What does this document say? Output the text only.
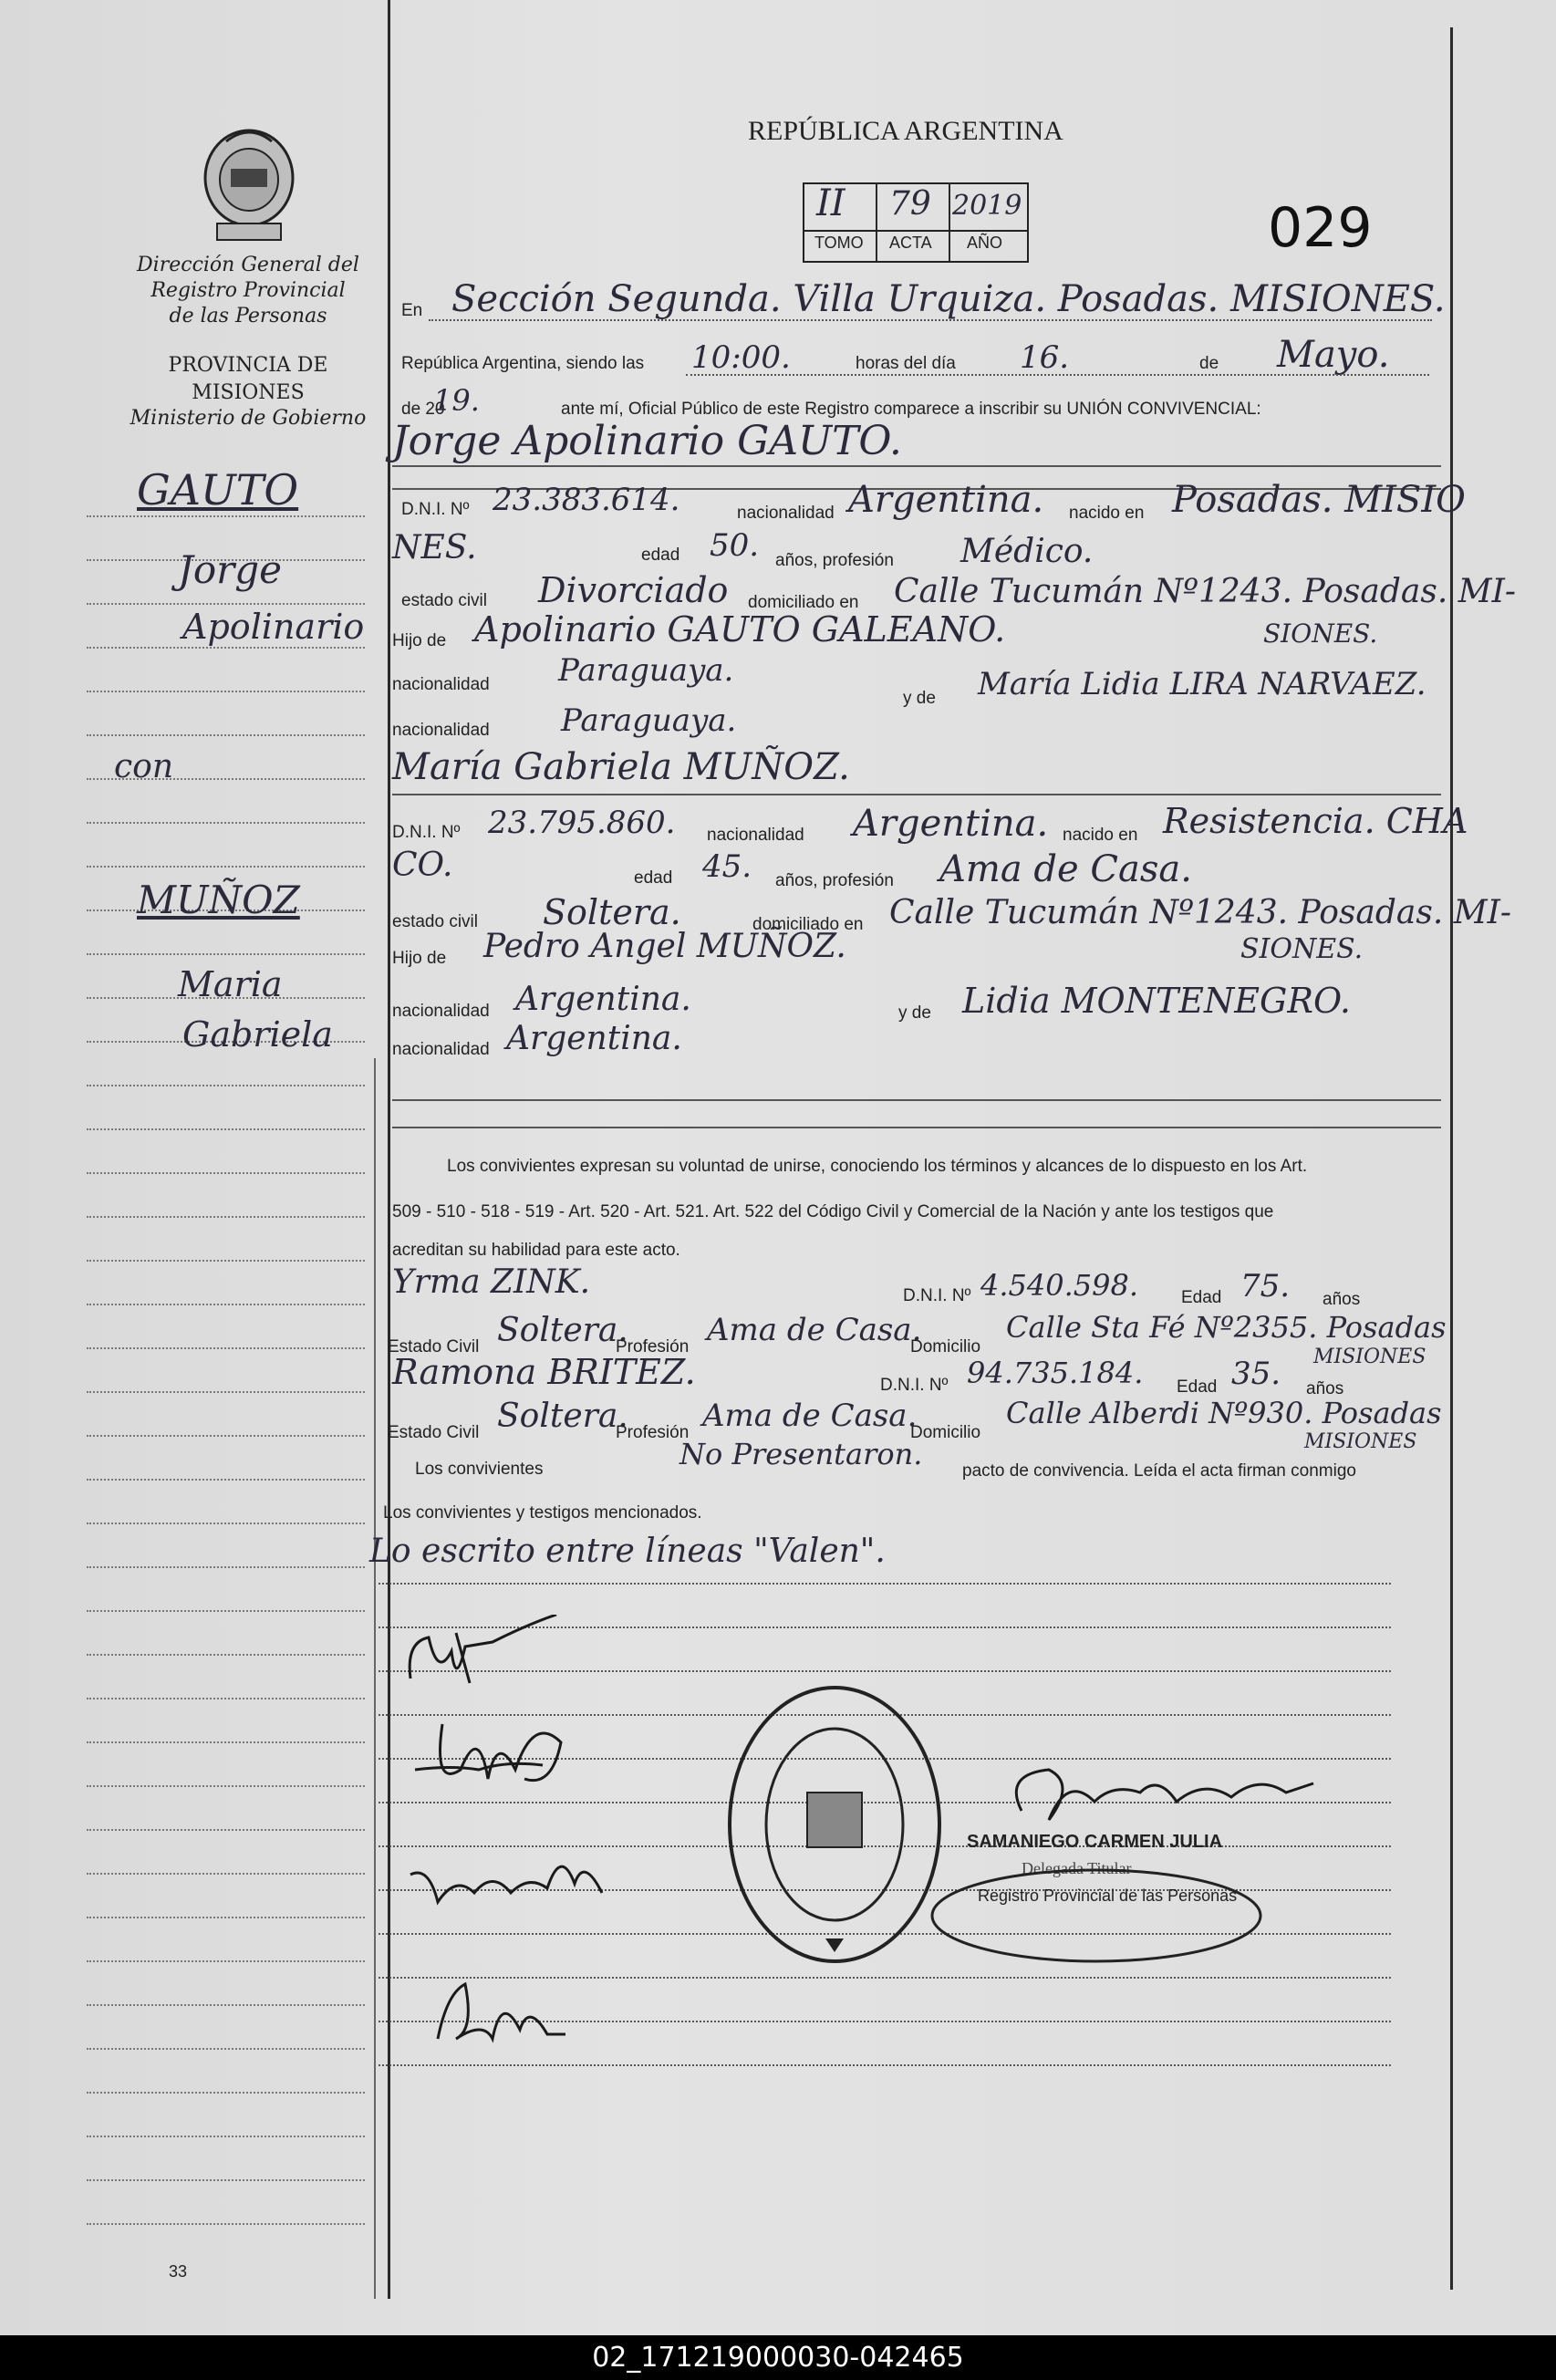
Dirección General del
Registro Provincial
de las Personas
PROVINCIA DE
MISIONES
Ministerio de Gobierno
GAUTO
Jorge
Apolinario
con
MUÑOZ
Maria
Gabriela
REPÚBLICA ARGENTINA
II 79 2019
TOMO ACTA AÑO	029
En Sección Segunda. Villa Urquiza. Posadas. MISIONES.
República Argentina, siendo las 10:00.	horas del día 16.	de Mayo.
de 20
19.	ante mí, Oficial Público de este Registro comparece a inscribir su UNIÓN CONVIVENCIAL:
Jorge Apolinario GAUTO.
D.N.I. Nº 23.383.614.	nacionalidad Argentina. nacido en Posadas. MISIO
NES.	edad 50. años, profesión Médico.
estado civil Divorciado domiciliado en Calle Tucumán Nº1243. Posadas. MI-
Hijo de Apolinario GAUTO GALEANO.	SIONES.
nacionalidad Paraguaya.
y de María Lidia LIRA NARVAEZ.
nacionalidad Paraguaya.
María Gabriela MUÑOZ.
D.N.I. Nº 23.795.860. nacionalidad Argentina. nacido en Resistencia. CHA
CO.	edad 45. años, profesión Ama de Casa.
estado civil Soltera.	domiciliado en Calle Tucumán Nº1243. Posadas. MI-
Hijo de Pedro Angel MUÑOZ.	SIONES.
nacionalidad Argentina.	y de Lidia MONTENEGRO.
nacionalidad Argentina.
Los convivientes expresan su voluntad de unirse, conociendo los términos y alcances de lo dispuesto en los Art.
509 - 510 - 518 - 519 - Art. 520 - Art. 521. Art. 522 del Código Civil y Comercial de la Nación y ante los testigos que
acreditan su habilidad para este acto.
Yrma ZINK.	D.N.I. Nº 4.540.598. Edad 75. años
Estado Civil Soltera.
Profesión Ama de Casa.
Domicilio
Calle Sta Fé Nº2355. Posadas
MISIONES
Ramona BRITEZ.	D.N.I. Nº 94.735.184. Edad 35. años
Estado Civil Soltera.
Profesión Ama de Casa.
Domicilio
Calle Alberdi Nº930. Posadas
MISIONES
Los convivientes	No Presentaron. pacto de convivencia. Leída el acta firman conmigo
Los convivientes y testigos mencionados.
Lo escrito entre líneas "Valen".
SAMANIEGO CARMEN JULIA
Delegada Titular
Registro Provincial de las Personas
33
02_171219000030-042465
